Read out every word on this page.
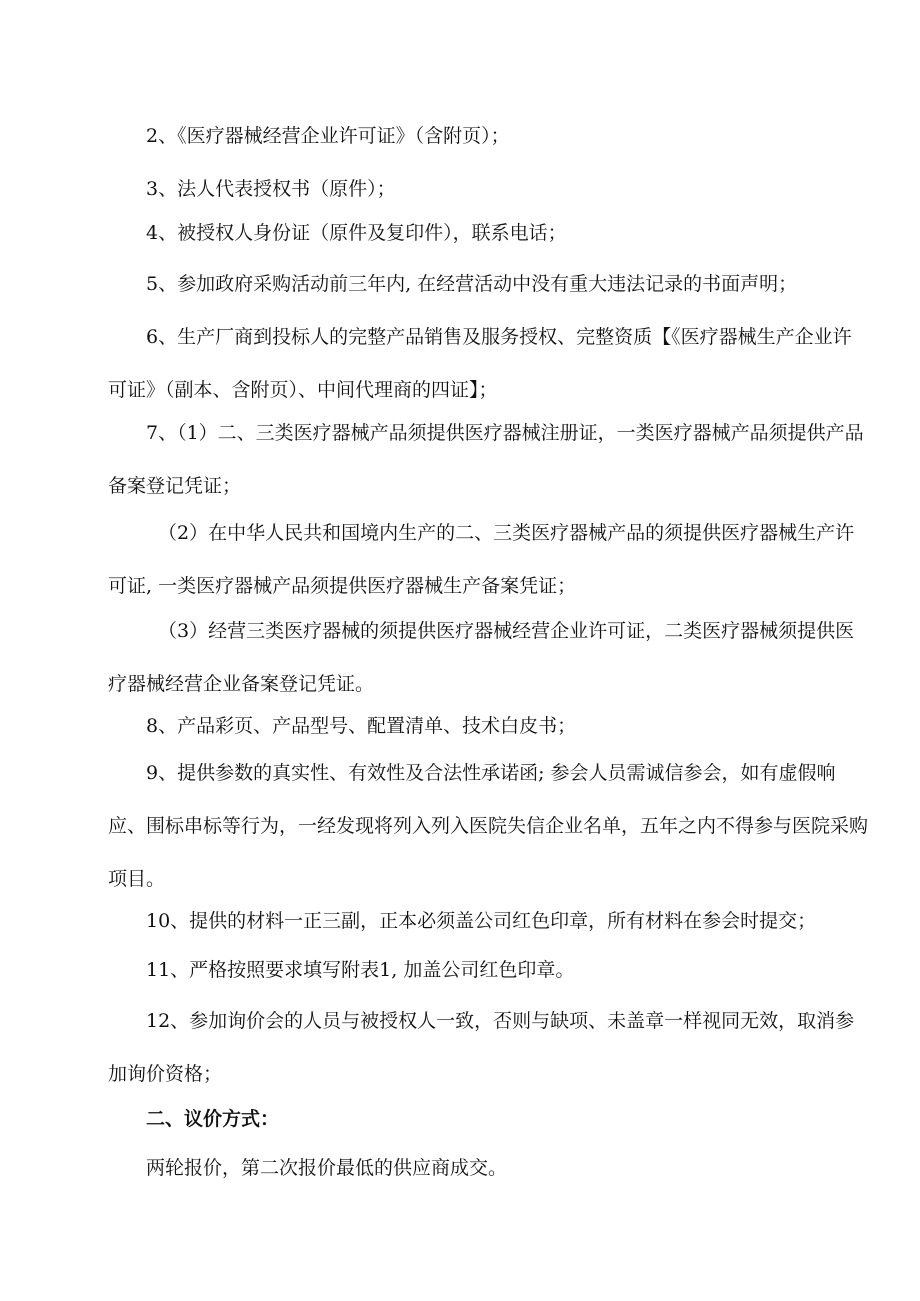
2、《医疗器械经营企业许可证》（含附页）；

3、法人代表授权书（原件）；

4、被授权人身份证（原件及复印件），联系电话；

5、参加政府采购活动前三年内, 在经营活动中没有重大违法记录的书面声明；

6、生产厂商到投标人的完整产品销售及服务授权、完整资质【《医疗器械生产企业许可证》（副本、含附页）、中间代理商的四证】；

7、（1）二、三类医疗器械产品须提供医疗器械注册证，一类医疗器械产品须提供产品备案登记凭证；

（2）在中华人民共和国境内生产的二、三类医疗器械产品的须提供医疗器械生产许可证, 一类医疗器械产品须提供医疗器械生产备案凭证；

（3）经营三类医疗器械的须提供医疗器械经营企业许可证，二类医疗器械须提供医疗器械经营企业备案登记凭证。

8、产品彩页、产品型号、配置清单、技术白皮书；

9、提供参数的真实性、有效性及合法性承诺函; 参会人员需诚信参会，如有虚假响应、围标串标等行为，一经发现将列入列入医院失信企业名单，五年之内不得参与医院采购项目。

10、提供的材料一正三副，正本必须盖公司红色印章，所有材料在参会时提交；

11、严格按照要求填写附表1, 加盖公司红色印章。

12、参加询价会的人员与被授权人一致，否则与缺项、未盖章一样视同无效，取消参加询价资格；

二、议价方式：

两轮报价，第二次报价最低的供应商成交。
